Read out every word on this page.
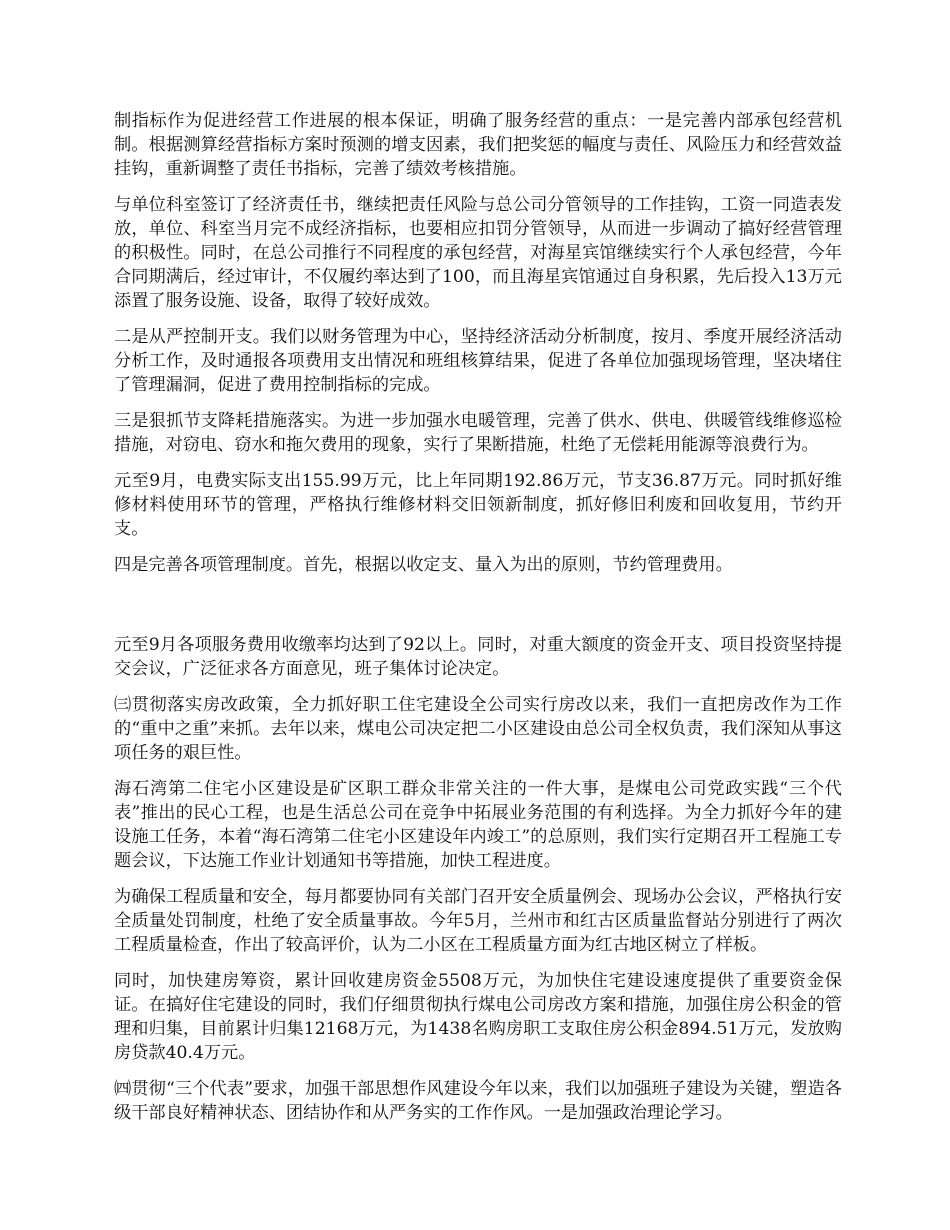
制指标作为促进经营工作进展的根本保证，明确了服务经营的重点：一是完善内部承包经营机制。根据测算经营指标方案时预测的增支因素，我们把奖惩的幅度与责任、风险压力和经营效益挂钩，重新调整了责任书指标，完善了绩效考核措施。

与单位科室签订了经济责任书，继续把责任风险与总公司分管领导的工作挂钩，工资一同造表发放，单位、科室当月完不成经济指标，也要相应扣罚分管领导，从而进一步调动了搞好经营管理的积极性。同时，在总公司推行不同程度的承包经营，对海星宾馆继续实行个人承包经营，今年合同期满后，经过审计，不仅履约率达到了100，而且海星宾馆通过自身积累，先后投入13万元添置了服务设施、设备，取得了较好成效。

二是从严控制开支。我们以财务管理为中心，坚持经济活动分析制度，按月、季度开展经济活动分析工作，及时通报各项费用支出情况和班组核算结果，促进了各单位加强现场管理，坚决堵住了管理漏洞，促进了费用控制指标的完成。

三是狠抓节支降耗措施落实。为进一步加强水电暖管理，完善了供水、供电、供暖管线维修巡检措施，对窃电、窃水和拖欠费用的现象，实行了果断措施，杜绝了无偿耗用能源等浪费行为。

元至9月，电费实际支出155.99万元，比上年同期192.86万元，节支36.87万元。同时抓好维修材料使用环节的管理，严格执行维修材料交旧领新制度，抓好修旧利废和回收复用，节约开支。

四是完善各项管理制度。首先，根据以收定支、量入为出的原则，节约管理费用。

元至9月各项服务费用收缴率均达到了92以上。同时，对重大额度的资金开支、项目投资坚持提交会议，广泛征求各方面意见，班子集体讨论决定。

㈢贯彻落实房改政策，全力抓好职工住宅建设全公司实行房改以来，我们一直把房改作为工作的“重中之重”来抓。去年以来，煤电公司决定把二小区建设由总公司全权负责，我们深知从事这项任务的艰巨性。

海石湾第二住宅小区建设是矿区职工群众非常关注的一件大事，是煤电公司党政实践“三个代表”推出的民心工程，也是生活总公司在竞争中拓展业务范围的有利选择。为全力抓好今年的建设施工任务，本着“海石湾第二住宅小区建设年内竣工”的总原则，我们实行定期召开工程施工专题会议，下达施工作业计划通知书等措施，加快工程进度。

为确保工程质量和安全，每月都要协同有关部门召开安全质量例会、现场办公会议，严格执行安全质量处罚制度，杜绝了安全质量事故。今年5月，兰州市和红古区质量监督站分别进行了两次工程质量检查，作出了较高评价，认为二小区在工程质量方面为红古地区树立了样板。

同时，加快建房筹资，累计回收建房资金5508万元，为加快住宅建设速度提供了重要资金保证。在搞好住宅建设的同时，我们仔细贯彻执行煤电公司房改方案和措施，加强住房公积金的管理和归集，目前累计归集12168万元，为1438名购房职工支取住房公积金894.51万元，发放购房贷款40.4万元。

㈣贯彻“三个代表”要求，加强干部思想作风建设今年以来，我们以加强班子建设为关键，塑造各级干部良好精神状态、团结协作和从严务实的工作作风。一是加强政治理论学习。
